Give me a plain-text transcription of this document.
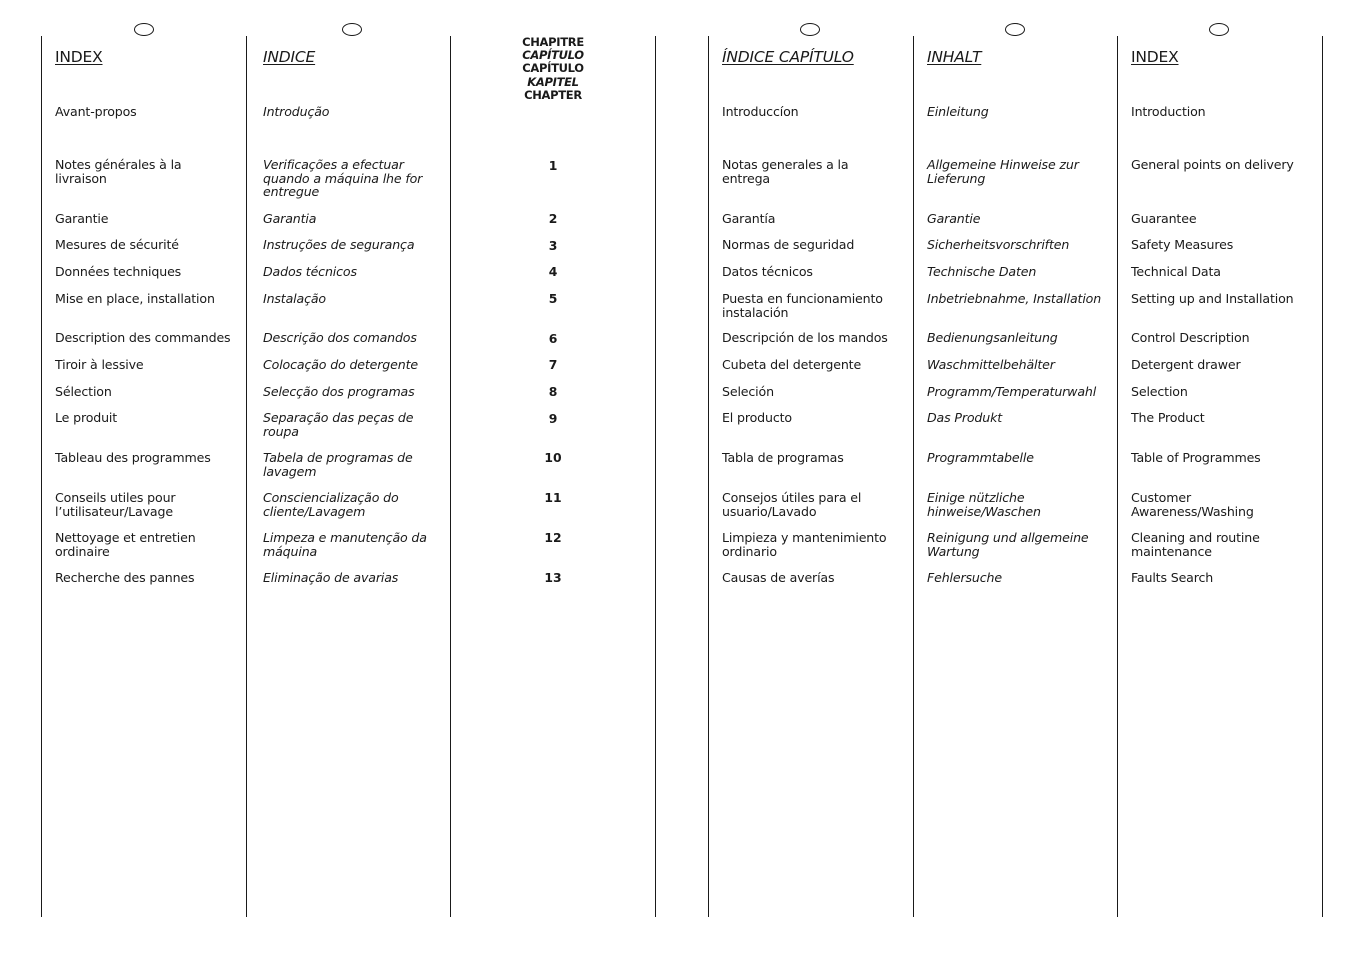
INDEX
Avant-propos
Notes générales à la livraison
Garantie
Mesures de sécurité
Données techniques
Mise en place, installation
Description des commandes
Tiroir à lessive
Sélection
Le produit
Tableau des programmes
Conseils utiles pour l’utilisateur/Lavage
Nettoyage et entretien ordinaire
Recherche des pannes
INDICE
Introdução
Verificações a efectuar quando a máquina lhe for entregue
Garantia
Instruções de segurança
Dados técnicos
Instalação
Descrição dos comandos
Colocação do detergente
Selecção dos programas
Separação das peças de roupa
Tabela de programas de lavagem
Consciencialização do cliente/Lavagem
Limpeza e manutenção da máquina
Eliminação de avarias
CHAPITRE
CAPÍTULO
CAPÍTULO
KAPITEL
CHAPTER
1
2
3
4
5
6
7
8
9
10
11
12
13
ÍNDICE CAPÍTULO
Introduccíon
Notas generales a la entrega
Garantía
Normas de seguridad
Datos técnicos
Puesta en funcionamiento instalación
Descripción de los mandos
Cubeta del detergente
Seleción
El producto
Tabla de programas
Consejos útiles para el usuario/Lavado
Limpieza y mantenimiento ordinario
Causas de averías
INHALT
Einleitung
Allgemeine Hinweise zur Lieferung
Garantie
Sicherheitsvorschriften
Technische Daten
Inbetriebnahme, Installation
Bedienungsanleitung
Waschmittelbehälter
Programm/Temperaturwahl
Das Produkt
Programmtabelle
Einige nützliche hinweise/Waschen
Reinigung und allgemeine Wartung
Fehlersuche
INDEX
Introduction
General points on delivery
Guarantee
Safety Measures
Technical Data
Setting up and Installation
Control Description
Detergent drawer
Selection
The Product
Table of Programmes
Customer Awareness/Washing
Cleaning and routine maintenance
Faults Search
